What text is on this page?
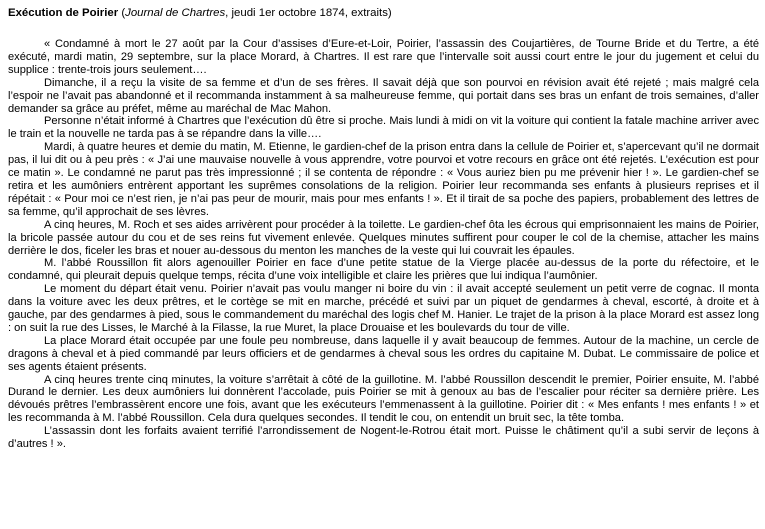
Exécution de Poirier (Journal de Chartres, jeudi 1er octobre 1874, extraits)

« Condamné à mort le 27 août par la Cour d’assises d’Eure-et-Loir, Poirier, l’assassin des Coujartières, de Tourne Bride et du Tertre, a été exécuté, mardi matin, 29 septembre, sur la place Morard, à Chartres. Il est rare que l’intervalle soit aussi court entre le jour du jugement et celui du supplice : trente-trois jours seulement….

Dimanche, il a reçu la visite de sa femme et d’un de ses frères. Il savait déjà que son pourvoi en révision avait été rejeté ; mais malgré cela l’espoir ne l’avait pas abandonné et il recommanda instamment à sa malheureuse femme, qui portait dans ses bras un enfant de trois semaines, d’aller demander sa grâce au préfet, même au maréchal de Mac Mahon.

Personne n’était informé à Chartres que l’exécution dû être si proche. Mais lundi à midi on vit la voiture qui contient la fatale machine arriver avec le train et la nouvelle ne tarda pas à se répandre dans la ville….

Mardi, à quatre heures et demie du matin, M. Etienne, le gardien-chef de la prison entra dans la cellule de Poirier et, s’apercevant qu’il ne dormait pas, il lui dit ou à peu près : « J’ai une mauvaise nouvelle à vous apprendre, votre pourvoi et votre recours en grâce ont été rejetés. L’exécution est pour ce matin ». Le condamné ne parut pas très impressionné ; il se contenta de répondre : « Vous auriez bien pu me prévenir hier ! ». Le gardien-chef se retira et les aumôniers entrèrent apportant les suprêmes consolations de la religion. Poirier leur recommanda ses enfants à plusieurs reprises et il répétait : « Pour moi ce n’est rien, je n’ai pas peur de mourir, mais pour mes enfants ! ». Et il tirait de sa poche des papiers, probablement des lettres de sa femme, qu’il approchait de ses lèvres.

A cinq heures, M. Roch et ses aides arrivèrent pour procéder à la toilette. Le gardien-chef ôta les écrous qui emprisonnaient les mains de Poirier, la bricole passée autour du cou et de ses reins fut vivement enlevée. Quelques minutes suffirent pour couper le col de la chemise, attacher les mains derrière le dos, ficeler les bras et nouer au-dessous du menton les manches de la veste qui lui couvrait les épaules.

M. l’abbé Roussillon fit alors agenouiller Poirier en face d’une petite statue de la Vierge placée au-dessus de la porte du réfectoire, et le condamné, qui pleurait depuis quelque temps, récita d’une voix intelligible et claire les prières que lui indiqua l’aumônier.

Le moment du départ était venu. Poirier n’avait pas voulu manger ni boire du vin : il avait accepté seulement un petit verre de cognac. Il monta dans la voiture avec les deux prêtres, et le cortège se mit en marche, précédé et suivi par un piquet de gendarmes à cheval, escorté, à droite et à gauche, par des gendarmes à pied, sous le commandement du maréchal des logis chef M. Hanier. Le trajet de la prison à la place Morard est assez long : on suit la rue des Lisses, le Marché à la Filasse, la rue Muret, la place Drouaise et les boulevards du tour de ville.

La place Morard était occupée par une foule peu nombreuse, dans laquelle il y avait beaucoup de femmes. Autour de la machine, un cercle de dragons à cheval et à pied commandé par leurs officiers et de gendarmes à cheval sous les ordres du capitaine M. Dubat. Le commissaire de police et ses agents étaient présents.

A cinq heures trente cinq minutes, la voiture s’arrêtait à côté de la guillotine. M. l’abbé Roussillon descendit le premier, Poirier ensuite, M. l’abbé Durand le dernier. Les deux aumôniers lui donnèrent l’accolade, puis Poirier se mit à genoux au bas de l’escalier pour réciter sa dernière prière. Les dévoués prêtres l’embrassèrent encore une fois, avant que les exécuteurs l’emmenassent à la guillotine. Poirier dit : « Mes enfants ! mes enfants ! » et les recommanda à M. l’abbé Roussillon. Cela dura quelques secondes. Il tendit le cou, on entendit un bruit sec, la tête tomba.

L’assassin dont les forfaits avaient terrifié l’arrondissement de Nogent-le-Rotrou était mort. Puisse le châtiment qu’il a subi servir de leçons à d’autres ! ».
